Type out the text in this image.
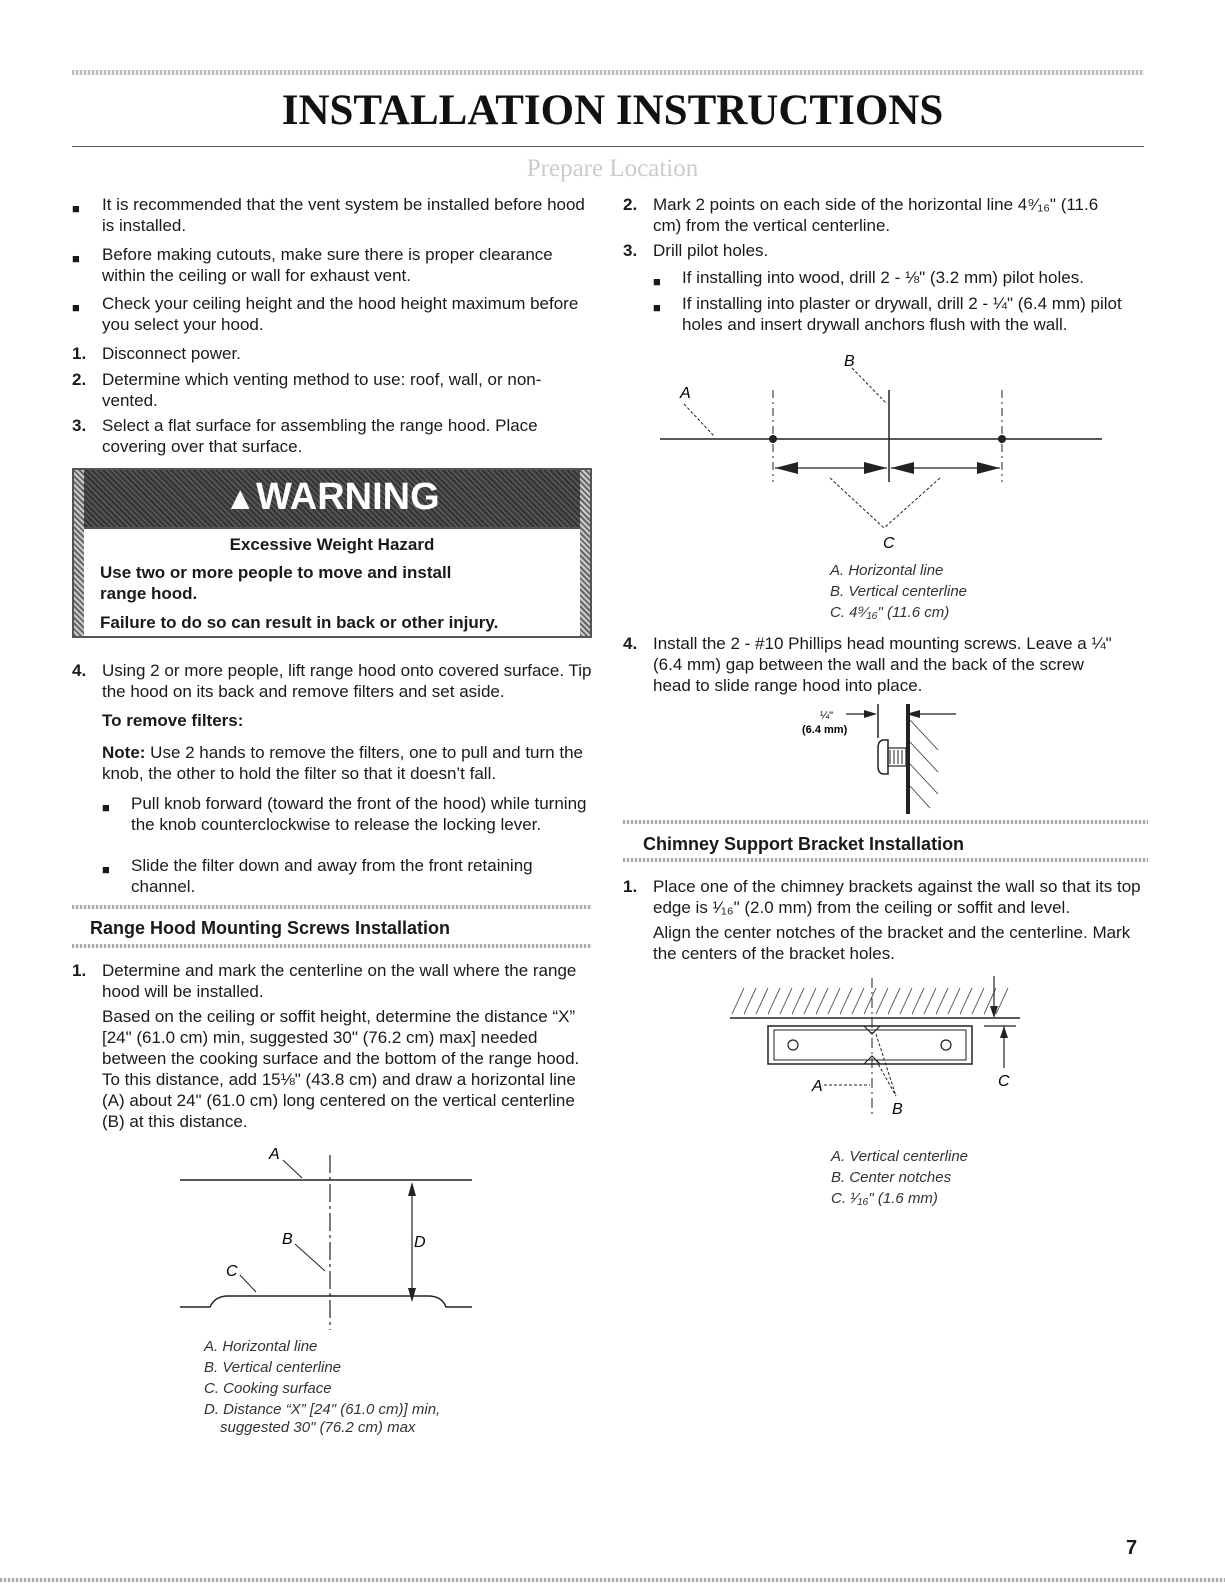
INSTALLATION INSTRUCTIONS
Prepare Location
■ It is recommended that the vent system be installed before hood is installed.
■ Before making cutouts, make sure there is proper clearance within the ceiling or wall for exhaust vent.
■ Check your ceiling height and the hood height maximum before you select your hood.
1. Disconnect power.
2. Determine which venting method to use: roof, wall, or non-vented.
3. Select a flat surface for assembling the range hood. Place covering over that surface.
▲WARNING
Excessive Weight Hazard
Use two or more people to move and install range hood.
Failure to do so can result in back or other injury.
4. Using 2 or more people, lift range hood onto covered surface. Tip the hood on its back and remove filters and set aside.
To remove filters:
Note: Use 2 hands to remove the filters, one to pull and turn the knob, the other to hold the filter so that it doesn’t fall.
■ Pull knob forward (toward the front of the hood) while turning the knob counterclockwise to release the locking lever.
■ Slide the filter down and away from the front retaining channel.
Range Hood Mounting Screws Installation
1. Determine and mark the centerline on the wall where the range hood will be installed.
Based on the ceiling or soffit height, determine the distance “X” [24" (61.0 cm) min, suggested 30" (76.2 cm) max] needed between the cooking surface and the bottom of the range hood. To this distance, add 15⅛" (43.8 cm) and draw a horizontal line (A) about 24" (61.0 cm) long centered on the vertical centerline (B) at this distance.
A
B
C
D
A. Horizontal line
B. Vertical centerline
C. Cooking surface
D. Distance “X” [24" (61.0 cm)] min,
suggested 30" (76.2 cm) max
2. Mark 2 points on each side of the horizontal line 4⁹⁄₁₆" (11.6 cm) from the vertical centerline.
3. Drill pilot holes.
■ If installing into wood, drill 2 - ⅛" (3.2 mm) pilot holes.
■ If installing into plaster or drywall, drill 2 - ¼" (6.4 mm) pilot holes and insert drywall anchors flush with the wall.
A
B
C
A. Horizontal line
B. Vertical centerline
C. 4⁹⁄₁₆" (11.6 cm)
4. Install the 2 - #10 Phillips head mounting screws. Leave a ¼" (6.4 mm) gap between the wall and the back of the screw head to slide range hood into place.
¼"
(6.4 mm)
Chimney Support Bracket Installation
1. Place one of the chimney brackets against the wall so that its top edge is ¹⁄₁₆" (2.0 mm) from the ceiling or soffit and level.
Align the center notches of the bracket and the centerline. Mark the centers of the bracket holes.
A
B
C
A. Vertical centerline
B. Center notches
C. ¹⁄₁₆" (1.6 mm)
7
